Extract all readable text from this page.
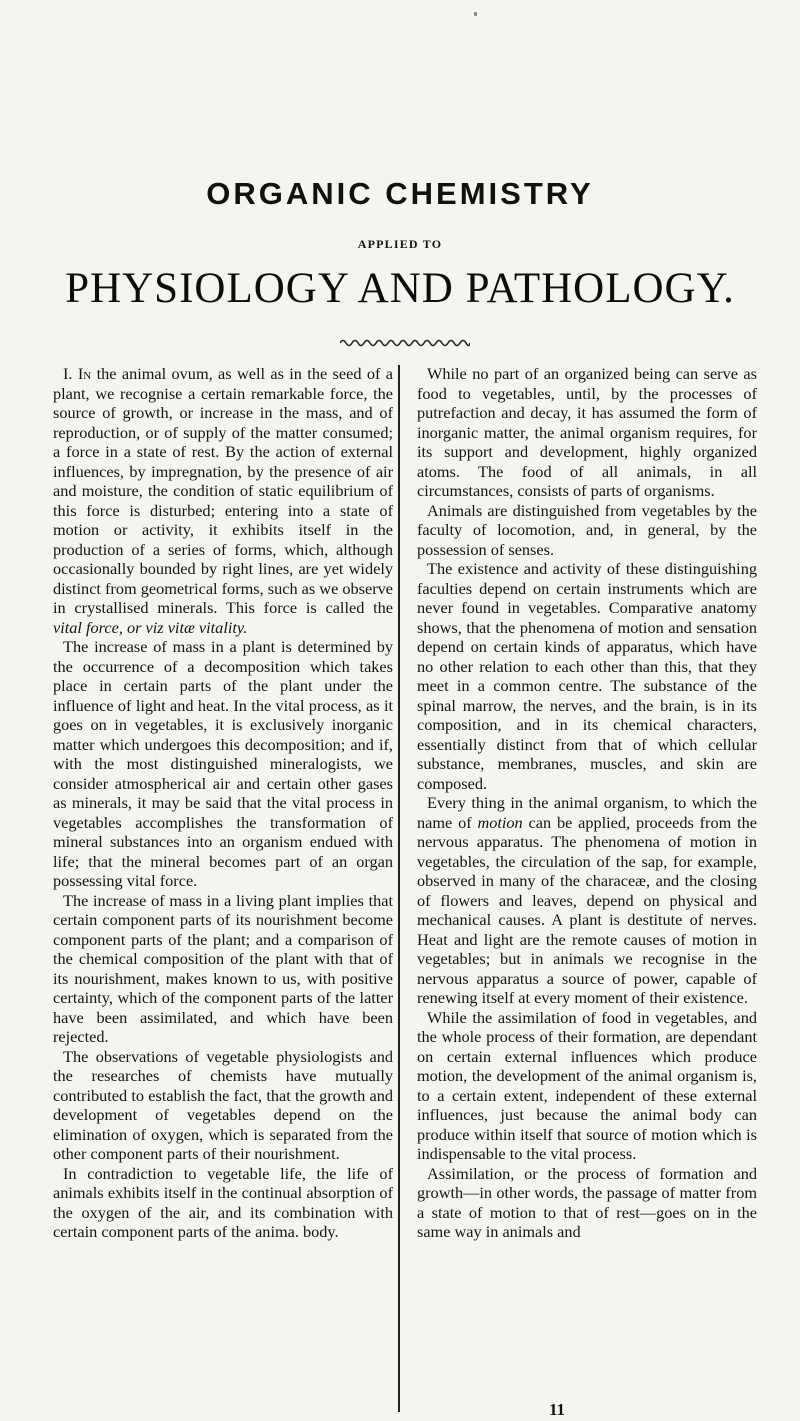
ORGANIC CHEMISTRY
APPLIED TO
PHYSIOLOGY AND PATHOLOGY.

I. In the animal ovum, as well as in the seed of a plant, we recognise a certain remarkable force, the source of growth, or increase in the mass, and of reproduction, or of supply of the matter consumed; a force in a state of rest. By the action of external influences, by impregnation, by the presence of air and moisture, the condition of static equilibrium of this force is disturbed; entering into a state of motion or activity, it exhibits itself in the production of a series of forms, which, although occasionally bounded by right lines, are yet widely distinct from geometrical forms, such as we observe in crystallised minerals. This force is called the vital force, or viz vitæ vitality.

The increase of mass in a plant is determined by the occurrence of a decomposition which takes place in certain parts of the plant under the influence of light and heat. In the vital process, as it goes on in vegetables, it is exclusively inorganic matter which undergoes this decomposition; and if, with the most distinguished mineralogists, we consider atmospherical air and certain other gases as minerals, it may be said that the vital process in vegetables accomplishes the transformation of mineral substances into an organism endued with life; that the mineral becomes part of an organ possessing vital force.

The increase of mass in a living plant implies that certain component parts of its nourishment become component parts of the plant; and a comparison of the chemical composition of the plant with that of its nourishment, makes known to us, with positive certainty, which of the component parts of the latter have been assimilated, and which have been rejected.

The observations of vegetable physiologists and the researches of chemists have mutually contributed to establish the fact, that the growth and development of vegetables depend on the elimination of oxygen, which is separated from the other component parts of their nourishment.

In contradiction to vegetable life, the life of animals exhibits itself in the continual absorption of the oxygen of the air, and its combination with certain component parts of the anima. body.

While no part of an organized being can serve as food to vegetables, until, by the processes of putrefaction and decay, it has assumed the form of inorganic matter, the animal organism requires, for its support and development, highly organized atoms. The food of all animals, in all circumstances, consists of parts of organisms.

Animals are distinguished from vegetables by the faculty of locomotion, and, in general, by the possession of senses.

The existence and activity of these distinguishing faculties depend on certain instruments which are never found in vegetables. Comparative anatomy shows, that the phenomena of motion and sensation depend on certain kinds of apparatus, which have no other relation to each other than this, that they meet in a common centre. The substance of the spinal marrow, the nerves, and the brain, is in its composition, and in its chemical characters, essentially distinct from that of which cellular substance, membranes, muscles, and skin are composed.

Every thing in the animal organism, to which the name of motion can be applied, proceeds from the nervous apparatus. The phenomena of motion in vegetables, the circulation of the sap, for example, observed in many of the characeæ, and the closing of flowers and leaves, depend on physical and mechanical causes. A plant is destitute of nerves. Heat and light are the remote causes of motion in vegetables; but in animals we recognise in the nervous apparatus a source of power, capable of renewing itself at every moment of their existence.

While the assimilation of food in vegetables, and the whole process of their formation, are dependant on certain external influences which produce motion, the development of the animal organism is, to a certain extent, independent of these external influences, just because the animal body can produce within itself that source of motion which is indispensable to the vital process.

Assimilation, or the process of formation and growth—in other words, the passage of matter from a state of motion to that of rest—goes on in the same way in animals and

11
